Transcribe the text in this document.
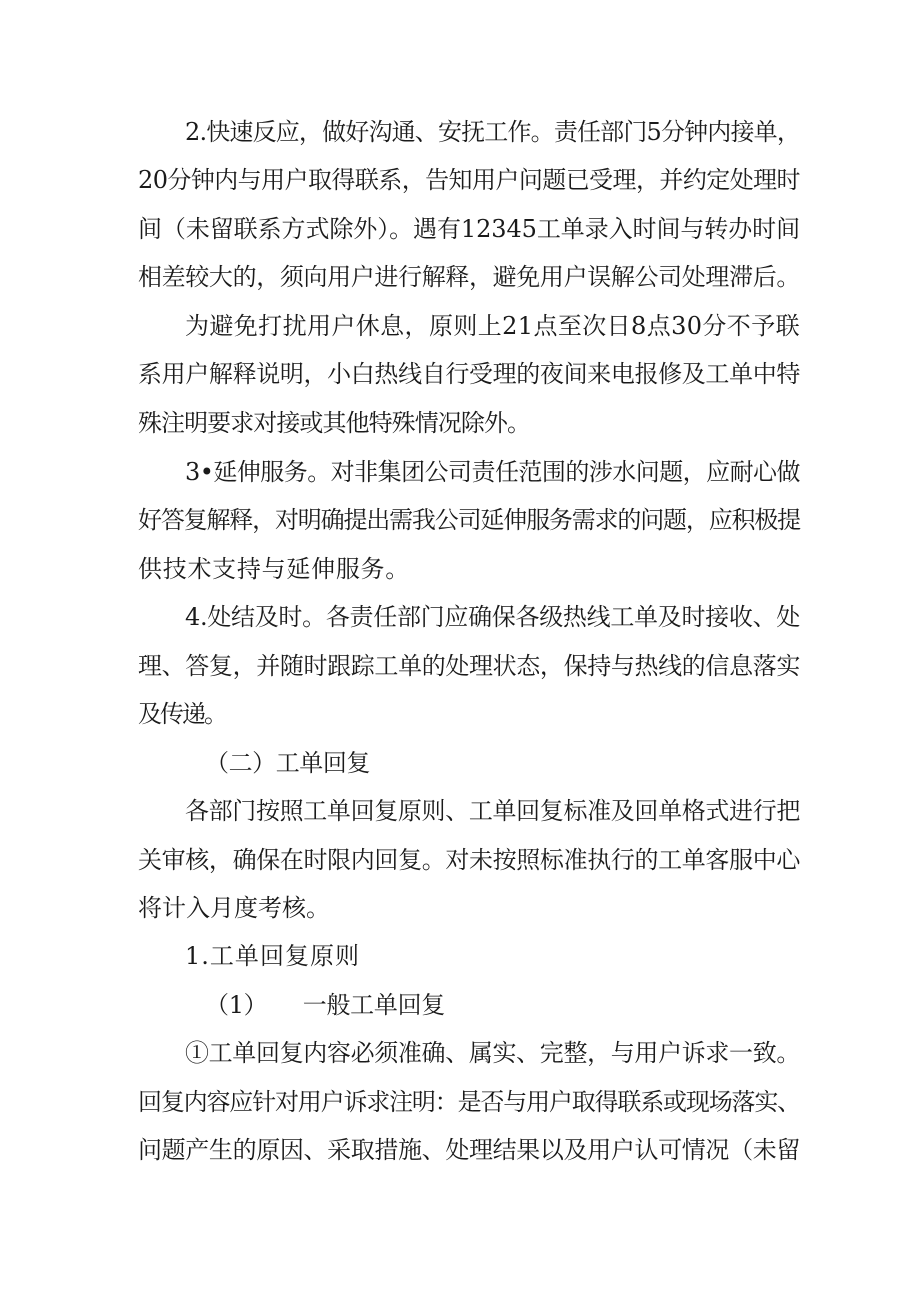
2.快速反应，做好沟通、安抚工作。责任部门5分钟内接单，
20分钟内与用户取得联系，告知用户问题已受理，并约定处理时
间（未留联系方式除外）。遇有12345工单录入时间与转办时间
相差较大的，须向用户进行解释，避免用户误解公司处理滞后。
为避免打扰用户休息，原则上21点至次日8点30分不予联
系用户解释说明，小白热线自行受理的夜间来电报修及工单中特
殊注明要求对接或其他特殊情况除外。
3•延伸服务。对非集团公司责任范围的涉水问题，应耐心做
好答复解释，对明确提出需我公司延伸服务需求的问题，应积极提
供技术支持与延伸服务。
4.处结及时。各责任部门应确保各级热线工单及时接收、处
理、答复，并随时跟踪工单的处理状态，保持与热线的信息落实
及传递。
（二）工单回复
各部门按照工单回复原则、工单回复标准及回单格式进行把
关审核，确保在时限内回复。对未按照标准执行的工单客服中心
将计入月度考核。
1.工单回复原则
（1）　　一般工单回复
①工单回复内容必须准确、属实、完整，与用户诉求一致。
回复内容应针对用户诉求注明：是否与用户取得联系或现场落实、
问题产生的原因、采取措施、处理结果以及用户认可情况（未留
